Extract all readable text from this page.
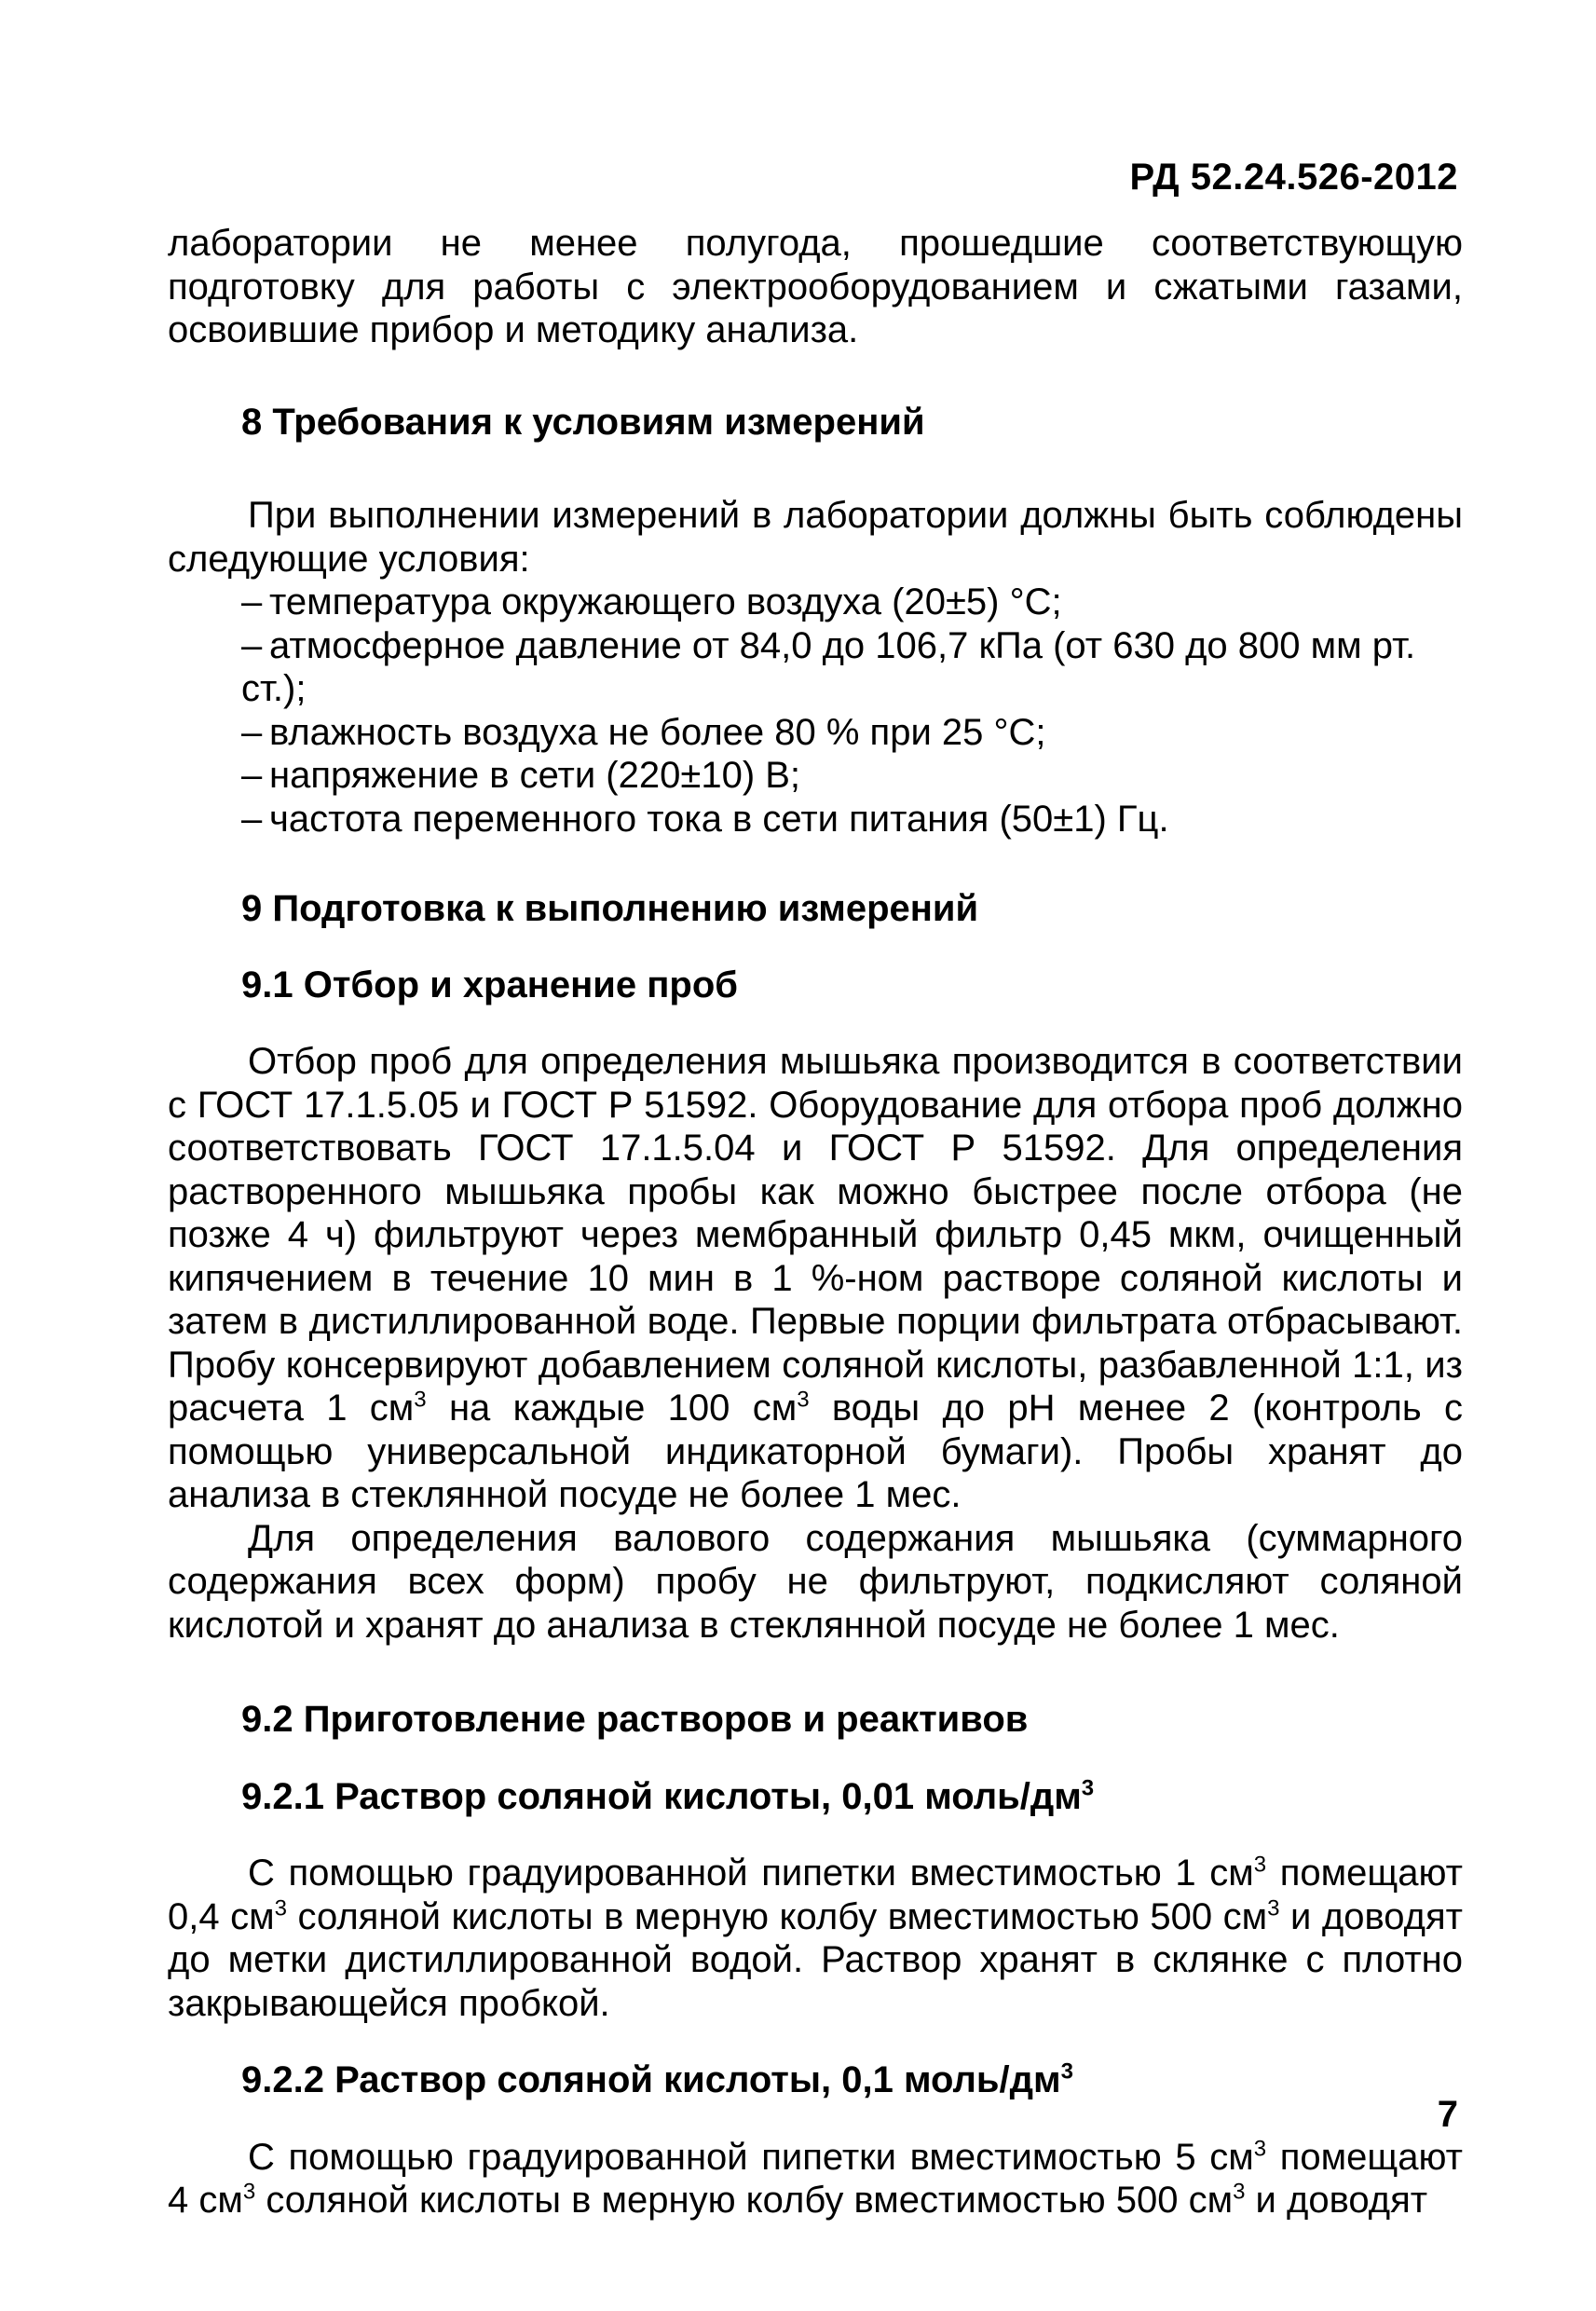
РД 52.24.526-2012

лаборатории не менее полугода, прошедшие соответствующую подготовку для работы с электрооборудованием и сжатыми газами, освоившие прибор и методику анализа.

8 Требования к условиям измерений

При выполнении измерений в лаборатории должны быть соблюдены следующие условия:

– температура окружающего воздуха (20±5) °С;
– атмосферное давление от 84,0 до 106,7 кПа (от 630 до 800 мм рт. ст.);
– влажность воздуха не более 80 % при 25 °С;
– напряжение в сети (220±10) В;
– частота переменного тока в сети питания (50±1) Гц.
9 Подготовка к выполнению измерений
9.1 Отбор и хранение проб

Отбор проб для определения мышьяка производится в соответствии с ГОСТ 17.1.5.05 и ГОСТ Р 51592. Оборудование для отбора проб должно соответствовать ГОСТ 17.1.5.04 и ГОСТ Р 51592. Для определения растворенного мышьяка пробы как можно быстрее после отбора (не позже 4 ч) фильтруют через мембранный фильтр 0,45 мкм, очищенный кипячением в течение 10 мин в 1 %-ном растворе соляной кислоты и затем в дистиллированной воде. Первые порции фильтрата отбрасывают. Пробу консервируют добавлением соляной кислоты, разбавленной 1:1, из расчета 1 $см^3$ на каждые 100 $см^3$ воды до рН менее 2 (контроль с помощью универсальной индикаторной бумаги). Пробы хранят до анализа в стеклянной посуде не более 1 мес.

Для определения валового содержания мышьяка (суммарного содержания всех форм) пробу не фильтруют, подкисляют соляной кислотой и хранят до анализа в стеклянной посуде не более 1 мес.

9.2 Приготовление растворов и реактивов
9.2.1 Раствор соляной кислоты, 0,01 моль/$дм^3$

С помощью градуированной пипетки вместимостью 1 $см^3$ помещают 0,4 $см^3$ соляной кислоты в мерную колбу вместимостью 500 $см^3$ и доводят до метки дистиллированной водой. Раствор хранят в склянке с плотно закрывающейся пробкой.

9.2.2 Раствор соляной кислоты, 0,1 моль/$дм^3$

С помощью градуированной пипетки вместимостью 5 $см^3$ помещают 4 $см^3$ соляной кислоты в мерную колбу вместимостью 500 $см^3$ и доводят

7
